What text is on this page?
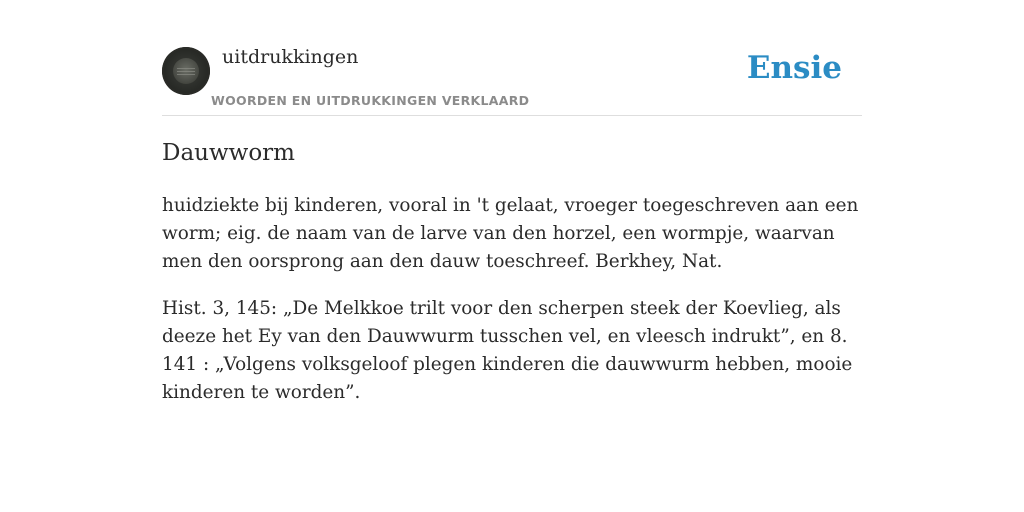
uitdrukkingen
WOORDEN EN UITDRUKKINGEN VERKLAARD
Ensie
Dauwworm

huidziekte bij kinderen, vooral in 't gelaat, vroeger toegeschreven aan een worm; eig. de naam van de larve van den horzel, een wormpje, waarvan men den oorsprong aan den dauw toeschreef. Berkhey, Nat.

Hist. 3, 145: „De Melkkoe trilt voor den scherpen steek der Koevlieg, als deeze het Ey van den Dauwwurm tusschen vel, en vleesch indrukt”, en 8. 141 : „Volgens volksgeloof plegen kinderen die dauwwurm hebben, mooie kinderen te worden”.
